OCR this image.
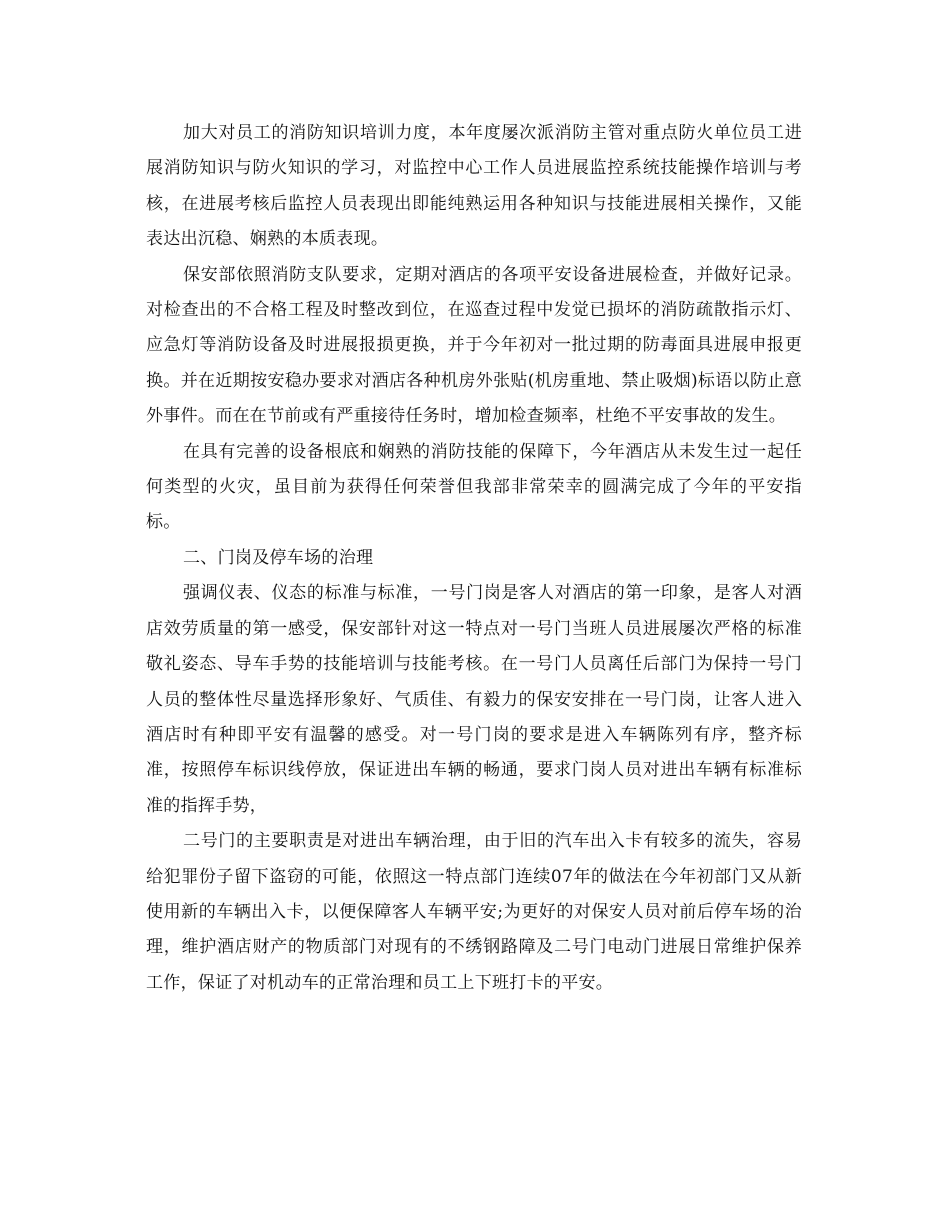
加大对员工的消防知识培训力度，本年度屡次派消防主管对重点防火单位员工进展消防知识与防火知识的学习，对监控中心工作人员进展监控系统技能操作培训与考核，在进展考核后监控人员表现出即能纯熟运用各种知识与技能进展相关操作，又能表达出沉稳、娴熟的本质表现。

保安部依照消防支队要求，定期对酒店的各项平安设备进展检查，并做好记录。对检查出的不合格工程及时整改到位，在巡查过程中发觉已损坏的消防疏散指示灯、应急灯等消防设备及时进展报损更换，并于今年初对一批过期的防毒面具进展申报更换。并在近期按安稳办要求对酒店各种机房外张贴(机房重地、禁止吸烟)标语以防止意外事件。而在在节前或有严重接待任务时，增加检查频率，杜绝不平安事故的发生。

在具有完善的设备根底和娴熟的消防技能的保障下，今年酒店从未发生过一起任何类型的火灾，虽目前为获得任何荣誉但我部非常荣幸的圆满完成了今年的平安指标。

二、门岗及停车场的治理

强调仪表、仪态的标准与标准，一号门岗是客人对酒店的第一印象，是客人对酒店效劳质量的第一感受，保安部针对这一特点对一号门当班人员进展屡次严格的标准敬礼姿态、导车手势的技能培训与技能考核。在一号门人员离任后部门为保持一号门人员的整体性尽量选择形象好、气质佳、有毅力的保安安排在一号门岗，让客人进入酒店时有种即平安有温馨的感受。对一号门岗的要求是进入车辆陈列有序，整齐标准，按照停车标识线停放，保证进出车辆的畅通，要求门岗人员对进出车辆有标准标准的指挥手势，

二号门的主要职责是对进出车辆治理，由于旧的汽车出入卡有较多的流失，容易给犯罪份子留下盗窃的可能，依照这一特点部门连续07年的做法在今年初部门又从新使用新的车辆出入卡，以便保障客人车辆平安;为更好的对保安人员对前后停车场的治理，维护酒店财产的物质部门对现有的不绣钢路障及二号门电动门进展日常维护保养工作，保证了对机动车的正常治理和员工上下班打卡的平安。
